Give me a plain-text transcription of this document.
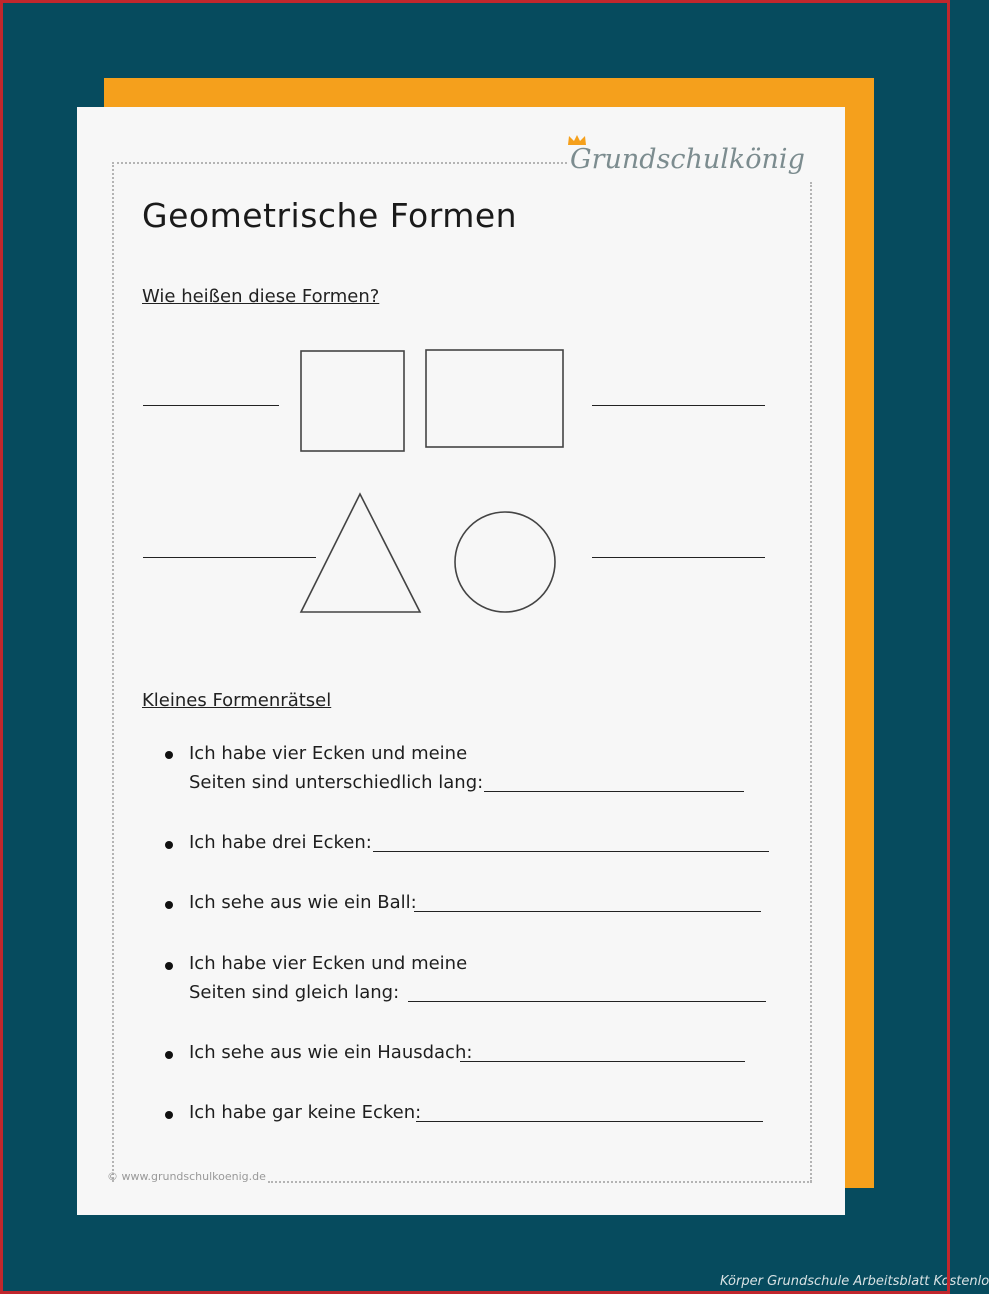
Grundschulkönig
Geometrische Formen
Wie heißen diese Formen?
Kleines Formenrätsel
Ich habe vier Ecken und meine
Seiten sind unterschiedlich lang:
Ich habe drei Ecken:
Ich sehe aus wie ein Ball:
Ich habe vier Ecken und meine
Seiten sind gleich lang:
Ich sehe aus wie ein Hausdach:
Ich habe gar keine Ecken:
© www.grundschulkoenig.de
Körper Grundschule Arbeitsblatt Kostenlo
